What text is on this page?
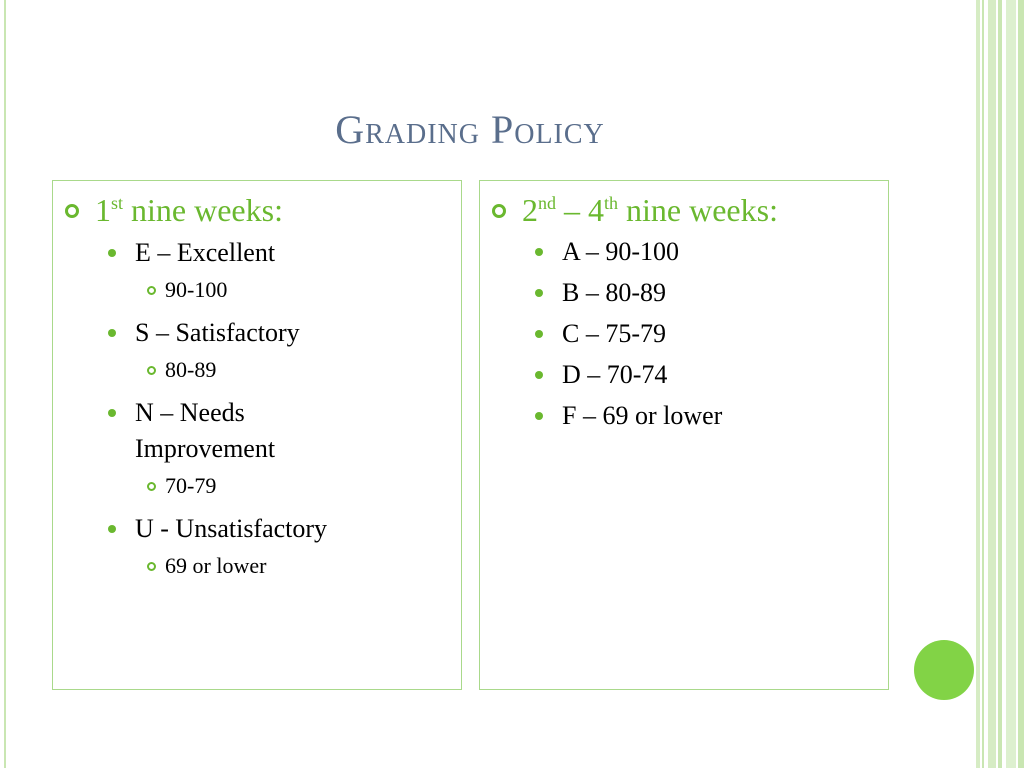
Grading Policy
1st nine weeks:
E – Excellent
90-100
S – Satisfactory
80-89
N – Needs Improvement
70-79
U - Unsatisfactory
69 or lower
2nd – 4th nine weeks:
A – 90-100
B – 80-89
C – 75-79
D – 70-74
F – 69 or lower
